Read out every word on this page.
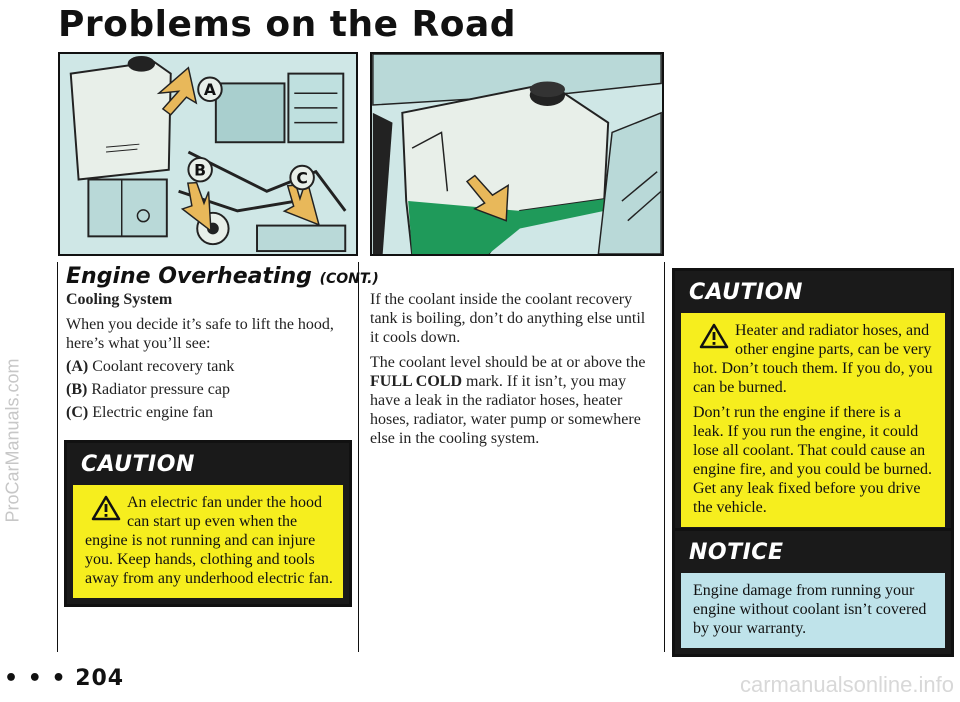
ProCarManuals.com
Problems on the Road
A
B	C
Engine Overheating (CONT.)
Cooling System
When you decide it’s safe to lift the hood, here’s what you’ll see:
(A) Coolant recovery tank
(B) Radiator pressure cap
(C) Electric engine fan
CAUTION
An electric fan under the hood can start up even when the engine is not running and can injure you. Keep hands, clothing and tools away from any underhood electric fan.
If the coolant inside the coolant recovery tank is boiling, don’t do anything else until it cools down.
The coolant level should be at or above the FULL COLD mark. If it isn’t, you may have a leak in the radiator hoses, heater hoses, radiator, water pump or somewhere else in the cooling system.
CAUTION
Heater and radiator hoses, and other engine parts, can be very hot. Don’t touch them. If you do, you can be burned.

Don’t run the engine if there is a leak. If you run the engine, it could lose all coolant. That could cause an engine fire, and you could be burned. Get any leak fixed before you drive the vehicle.

NOTICE
Engine damage from running your engine without coolant isn’t covered by your warranty.
• • • 204	carmanualsonline.info
